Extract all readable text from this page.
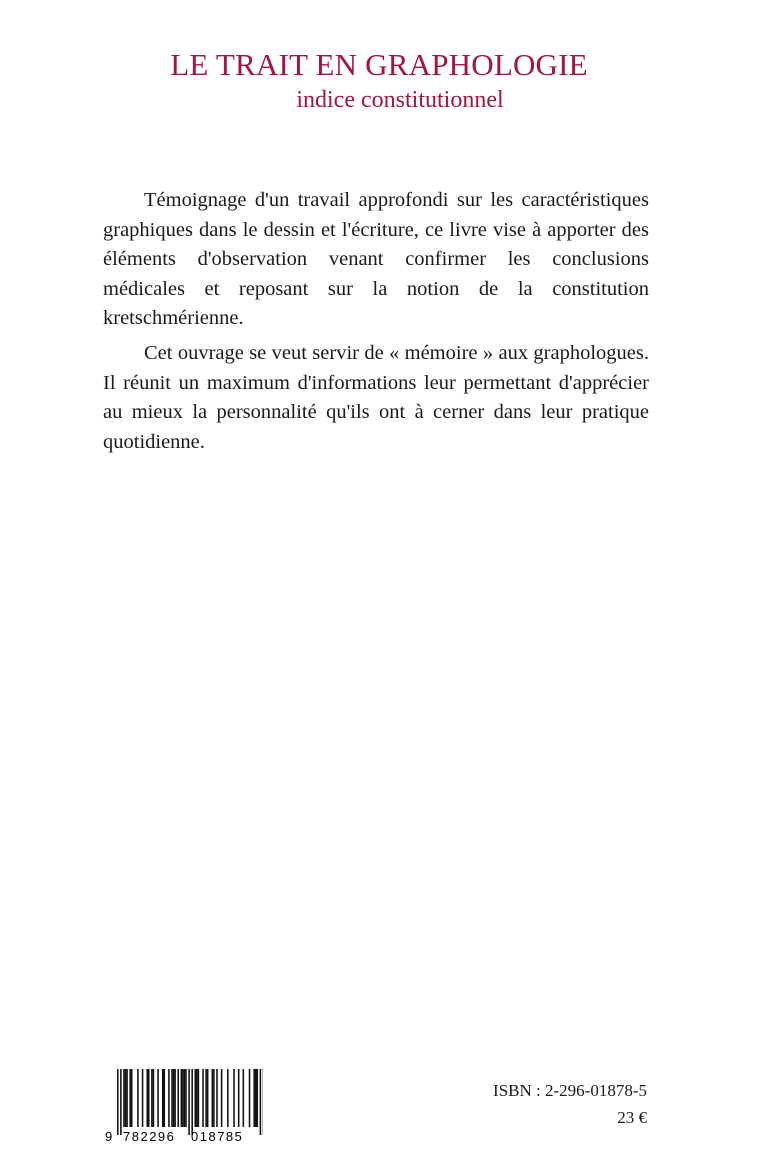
LE TRAIT EN GRAPHOLOGIE
indice constitutionnel

Témoignage d'un travail approfondi sur les caractéristiques graphiques dans le dessin et l'écriture, ce livre vise à apporter des éléments d'observation venant confirmer les conclusions médicales et reposant sur la notion de la constitution kretschmérienne.

Cet ouvrage se veut servir de « mémoire » aux graphologues. Il réunit un maximum d'informations leur permettant d'apprécier au mieux la personnalité qu'ils ont à cerner dans leur pratique quotidienne.

9 782296 018785
ISBN : 2-296-01878-5
23 €
